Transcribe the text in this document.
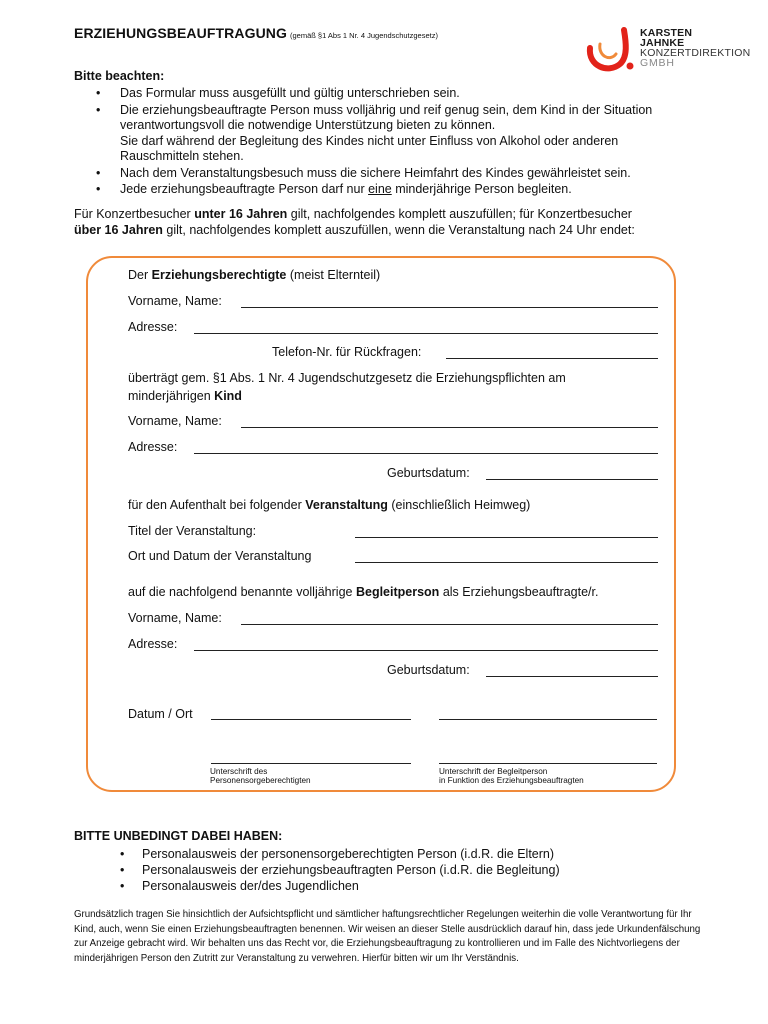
ERZIEHUNGSBEAUFTRAGUNG (gemäß §1 Abs 1 Nr. 4 Jugendschutzgesetz)	KARSTEN
JAHNKE
KONZERTDIREKTION
GMBH
Bitte beachten:
• Das Formular muss ausgefüllt und gültig unterschrieben sein.
• Die erziehungsbeauftragte Person muss volljährig und reif genug sein, dem Kind in der Situation
verantwortungsvoll die notwendige Unterstützung bieten zu können.
Sie darf während der Begleitung des Kindes nicht unter Einfluss von Alkohol oder anderen
Rauschmitteln stehen.
• Nach dem Veranstaltungsbesuch muss die sichere Heimfahrt des Kindes gewährleistet sein.
• Jede erziehungsbeauftragte Person darf nur eine minderjährige Person begleiten.
Für Konzertbesucher unter 16 Jahren gilt, nachfolgendes komplett auszufüllen; für Konzertbesucher
über 16 Jahren gilt, nachfolgendes komplett auszufüllen, wenn die Veranstaltung nach 24 Uhr endet:
Der Erziehungsberechtigte (meist Elternteil)
Vorname, Name:
Adresse:
Telefon-Nr. für Rückfragen:
überträgt gem. §1 Abs. 1 Nr. 4 Jugendschutzgesetz die Erziehungspflichten am
minderjährigen Kind
Vorname, Name:
Adresse:
Geburtsdatum:
für den Aufenthalt bei folgender Veranstaltung (einschließlich Heimweg)
Titel der Veranstaltung:
Ort und Datum der Veranstaltung
auf die nachfolgend benannte volljährige Begleitperson als Erziehungsbeauftragte/r.
Vorname, Name:
Adresse:
Geburtsdatum:
Datum / Ort
Unterschrift des
Personensorgeberechtigten
Unterschrift der Begleitperson
in Funktion des Erziehungsbeauftragten
BITTE UNBEDINGT DABEI HABEN:
• Personalausweis der personensorgeberechtigten Person (i.d.R. die Eltern)
• Personalausweis der erziehungsbeauftragten Person (i.d.R. die Begleitung)
• Personalausweis der/des Jugendlichen
Grundsätzlich tragen Sie hinsichtlich der Aufsichtspflicht und sämtlicher haftungsrechtlicher Regelungen weiterhin die volle Verantwortung für Ihr Kind, auch, wenn Sie einen Erziehungsbeauftragten benennen. Wir weisen an dieser Stelle ausdrücklich darauf hin, dass jede Urkundenfälschung zur Anzeige gebracht wird. Wir behalten uns das Recht vor, die Erziehungsbeauftragung zu kontrollieren und im Falle des Nichtvorliegens der minderjährigen Person den Zutritt zur Veranstaltung zu verwehren. Hierfür bitten wir um Ihr Verständnis.
